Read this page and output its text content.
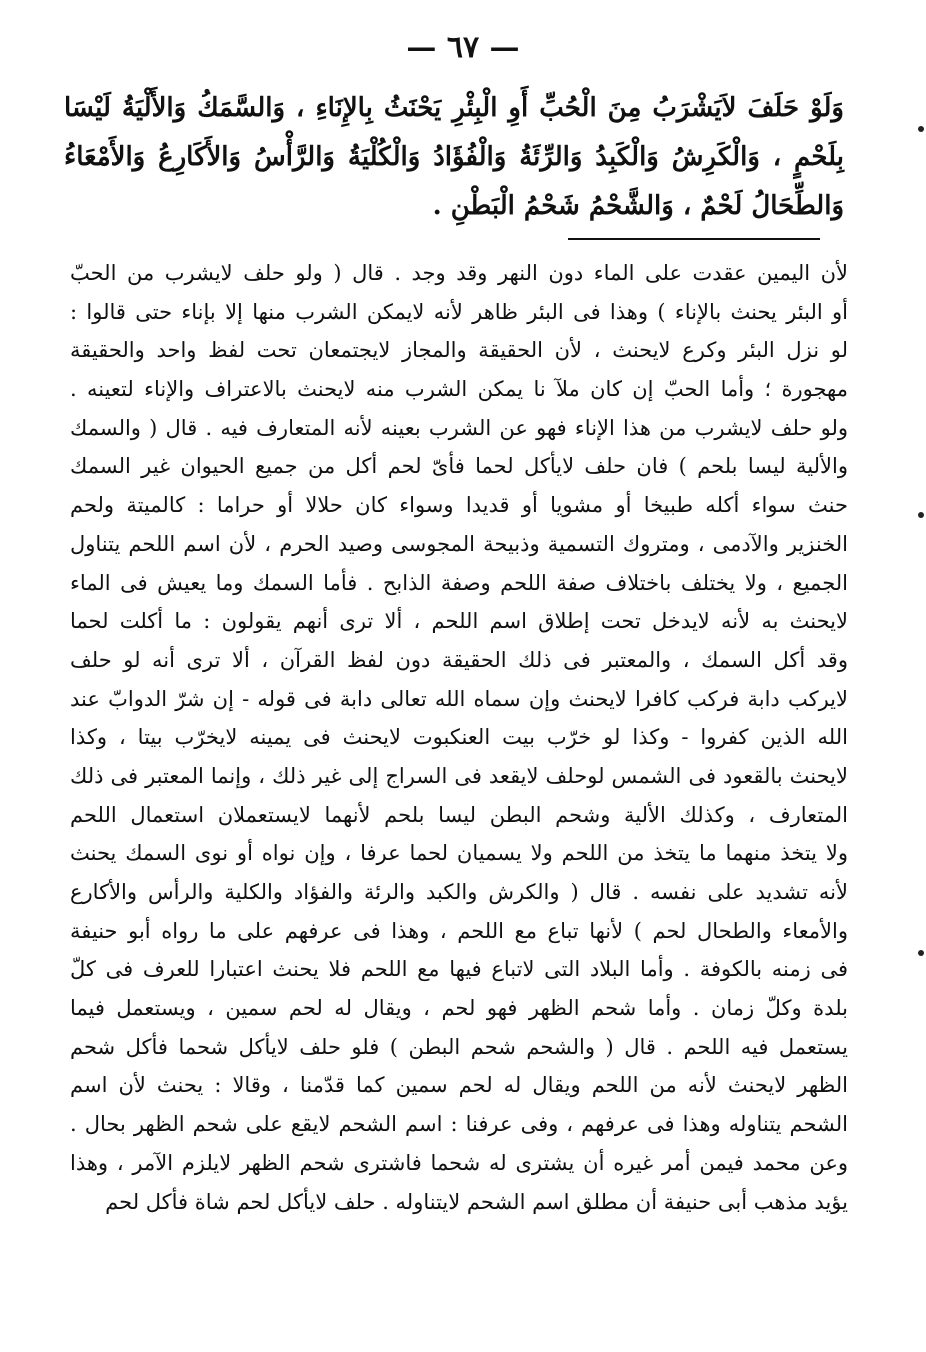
— ٦٧ —
وَلَوْ حَلَفَ لاَيَشْرَبُ مِنَ الْحُبِّ أَوِ الْبِئْرِ يَحْنَثُ بِالإِنَاءِ ، وَالسَّمَكُ وَالأَلْيَةُ لَيْسَا بِلَحْمٍ ، وَالْكَرِشُ وَالْكَبِدُ وَالرِّئَةُ وَالْفُؤَادُ وَالْكُلْيَةُ وَالرَّأْسُ وَالأَكَارِعُ وَالأَمْعَاءُ وَالطِّحَالُ لَحْمٌ ، وَالشَّحْمُ شَحْمُ الْبَطْنِ .
لأن اليمين عقدت على الماء دون النهر وقد وجد . قال ( ولو حلف لايشرب من الحبّ
أو البئر يحنث بالإناء ) وهذا فى البئر ظاهر لأنه لايمكن الشرب منها إلا بإناء حتى قالوا :
لو نزل البئر وكرع لايحنث ، لأن الحقيقة والمجاز لايجتمعان تحت لفظ واحد والحقيقة
مهجورة ؛ وأما الحبّ إن كان ملآ نا يمكن الشرب منه لايحنث بالاعتراف والإناء لتعينه .
ولو حلف لايشرب من هذا الإناء فهو عن الشرب بعينه لأنه المتعارف فيه . قال ( والسمك
والألية ليسا بلحم ) فان حلف لايأكل لحما فأىّ لحم أكل من جميع الحيوان غير السمك
حنث سواء أكله طبيخا أو مشويا أو قديدا وسواء كان حلالا أو حراما : كالميتة ولحم
الخنزير والآدمى ، ومتروك التسمية وذبيحة المجوسى وصيد الحرم ، لأن اسم اللحم يتناول
الجميع ، ولا يختلف باختلاف صفة اللحم وصفة الذابح . فأما السمك وما يعيش فى الماء
لايحنث به لأنه لايدخل تحت إطلاق اسم اللحم ، ألا ترى أنهم يقولون : ما أكلت لحما
وقد أكل السمك ، والمعتبر فى ذلك الحقيقة دون لفظ القرآن ، ألا ترى أنه لو حلف
لايركب دابة فركب كافرا لايحنث وإن سماه الله تعالى دابة فى قوله - إن شرّ الدوابّ عند
الله الذين كفروا - وكذا لو خرّب بيت العنكبوت لايحنث فى يمينه لايخرّب بيتا ، وكذا
لايحنث بالقعود فى الشمس لوحلف لايقعد فى السراج إلى غير ذلك ، وإنما المعتبر فى ذلك
المتعارف ، وكذلك الألية وشحم البطن ليسا بلحم لأنهما لايستعملان استعمال اللحم
ولا يتخذ منهما ما يتخذ من اللحم ولا يسميان لحما عرفا ، وإن نواه أو نوى السمك يحنث
لأنه تشديد على نفسه . قال ( والكرش والكبد والرئة والفؤاد والكلية والرأس والأكارع
والأمعاء والطحال لحم ) لأنها تباع مع اللحم ، وهذا فى عرفهم على ما رواه أبو حنيفة
فى زمنه بالكوفة . وأما البلاد التى لاتباع فيها مع اللحم فلا يحنث اعتبارا للعرف فى كلّ
بلدة وكلّ زمان . وأما شحم الظهر فهو لحم ، ويقال له لحم سمين ، ويستعمل فيما
يستعمل فيه اللحم . قال ( والشحم شحم البطن ) فلو حلف لايأكل شحما فأكل شحم
الظهر لايحنث لأنه من اللحم ويقال له لحم سمين كما قدّمنا ، وقالا : يحنث لأن اسم
الشحم يتناوله وهذا فى عرفهم ، وفى عرفنا : اسم الشحم لايقع على شحم الظهر بحال .
وعن محمد فيمن أمر غيره أن يشترى له شحما فاشترى شحم الظهر لايلزم الآمر ، وهذا
يؤيد مذهب أبى حنيفة أن مطلق اسم الشحم لايتناوله . حلف لايأكل لحم شاة فأكل لحم
